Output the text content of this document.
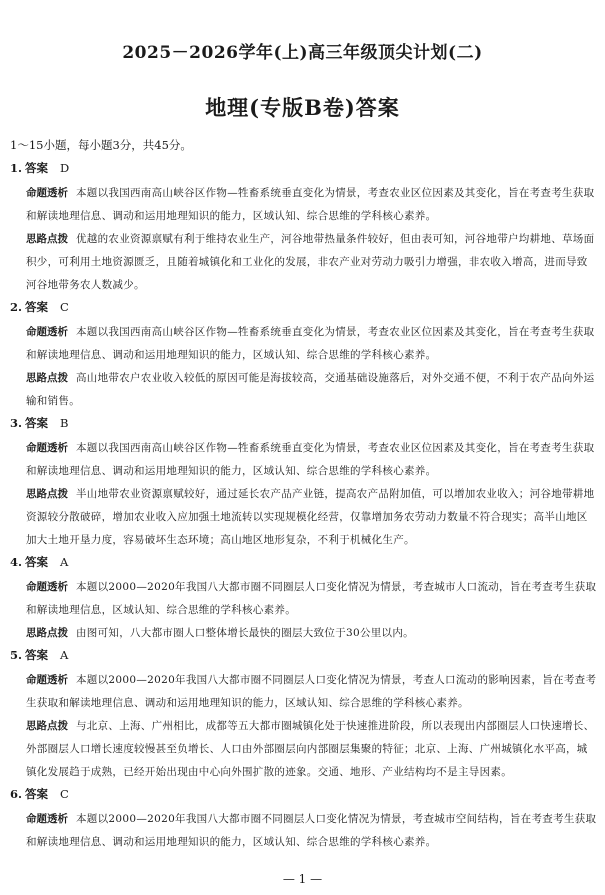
2025－2026学年(上)高三年级顶尖计划(二)
地理(专版B卷)答案
1～15小题，每小题3分，共45分。
1. 答案 D
命题透析 本题以我国西南高山峡谷区作物—牲畜系统垂直变化为情景，考查农业区位因素及其变化，旨在考查考生获取和解读地理信息、调动和运用地理知识的能力，区域认知、综合思维的学科核心素养。
思路点拨 优越的农业资源禀赋有利于维持农业生产，河谷地带热量条件较好，但由表可知，河谷地带户均耕地、草场面积少，可利用土地资源匮乏，且随着城镇化和工业化的发展，非农产业对劳动力吸引力增强，非农收入增高，进而导致河谷地带务农人数减少。
2. 答案 C
命题透析 本题以我国西南高山峡谷区作物—牲畜系统垂直变化为情景，考查农业区位因素及其变化，旨在考查考生获取和解读地理信息、调动和运用地理知识的能力，区域认知、综合思维的学科核心素养。
思路点拨 高山地带农户农业收入较低的原因可能是海拔较高，交通基础设施落后，对外交通不便，不利于农产品向外运输和销售。
3. 答案 B
命题透析 本题以我国西南高山峡谷区作物—牲畜系统垂直变化为情景，考查农业区位因素及其变化，旨在考查考生获取和解读地理信息、调动和运用地理知识的能力，区域认知、综合思维的学科核心素养。
思路点拨 半山地带农业资源禀赋较好，通过延长农产品产业链，提高农产品附加值，可以增加农业收入；河谷地带耕地资源较分散破碎，增加农业收入应加强土地流转以实现规模化经营，仅靠增加务农劳动力数量不符合现实；高半山地区加大土地开垦力度，容易破坏生态环境；高山地区地形复杂，不利于机械化生产。
4. 答案 A
命题透析 本题以2000—2020年我国八大都市圈不同圈层人口变化情况为情景，考查城市人口流动，旨在考查考生获取和解读地理信息，区域认知、综合思维的学科核心素养。
思路点拨 由图可知，八大都市圈人口整体增长最快的圈层大致位于30公里以内。
5. 答案 A
命题透析 本题以2000—2020年我国八大都市圈不同圈层人口变化情况为情景，考查人口流动的影响因素，旨在考查考生获取和解读地理信息、调动和运用地理知识的能力，区域认知、综合思维的学科核心素养。
思路点拨 与北京、上海、广州相比，成都等五大都市圈城镇化处于快速推进阶段，所以表现出内部圈层人口快速增长、外部圈层人口增长速度较慢甚至负增长、人口由外部圈层向内部圈层集聚的特征；北京、上海、广州城镇化水平高，城镇化发展趋于成熟，已经开始出现由中心向外围扩散的迹象。交通、地形、产业结构均不是主导因素。
6. 答案 C
命题透析 本题以2000—2020年我国八大都市圈不同圈层人口变化情况为情景，考查城市空间结构，旨在考查考生获取和解读地理信息、调动和运用地理知识的能力，区域认知、综合思维的学科核心素养。
— 1 —
